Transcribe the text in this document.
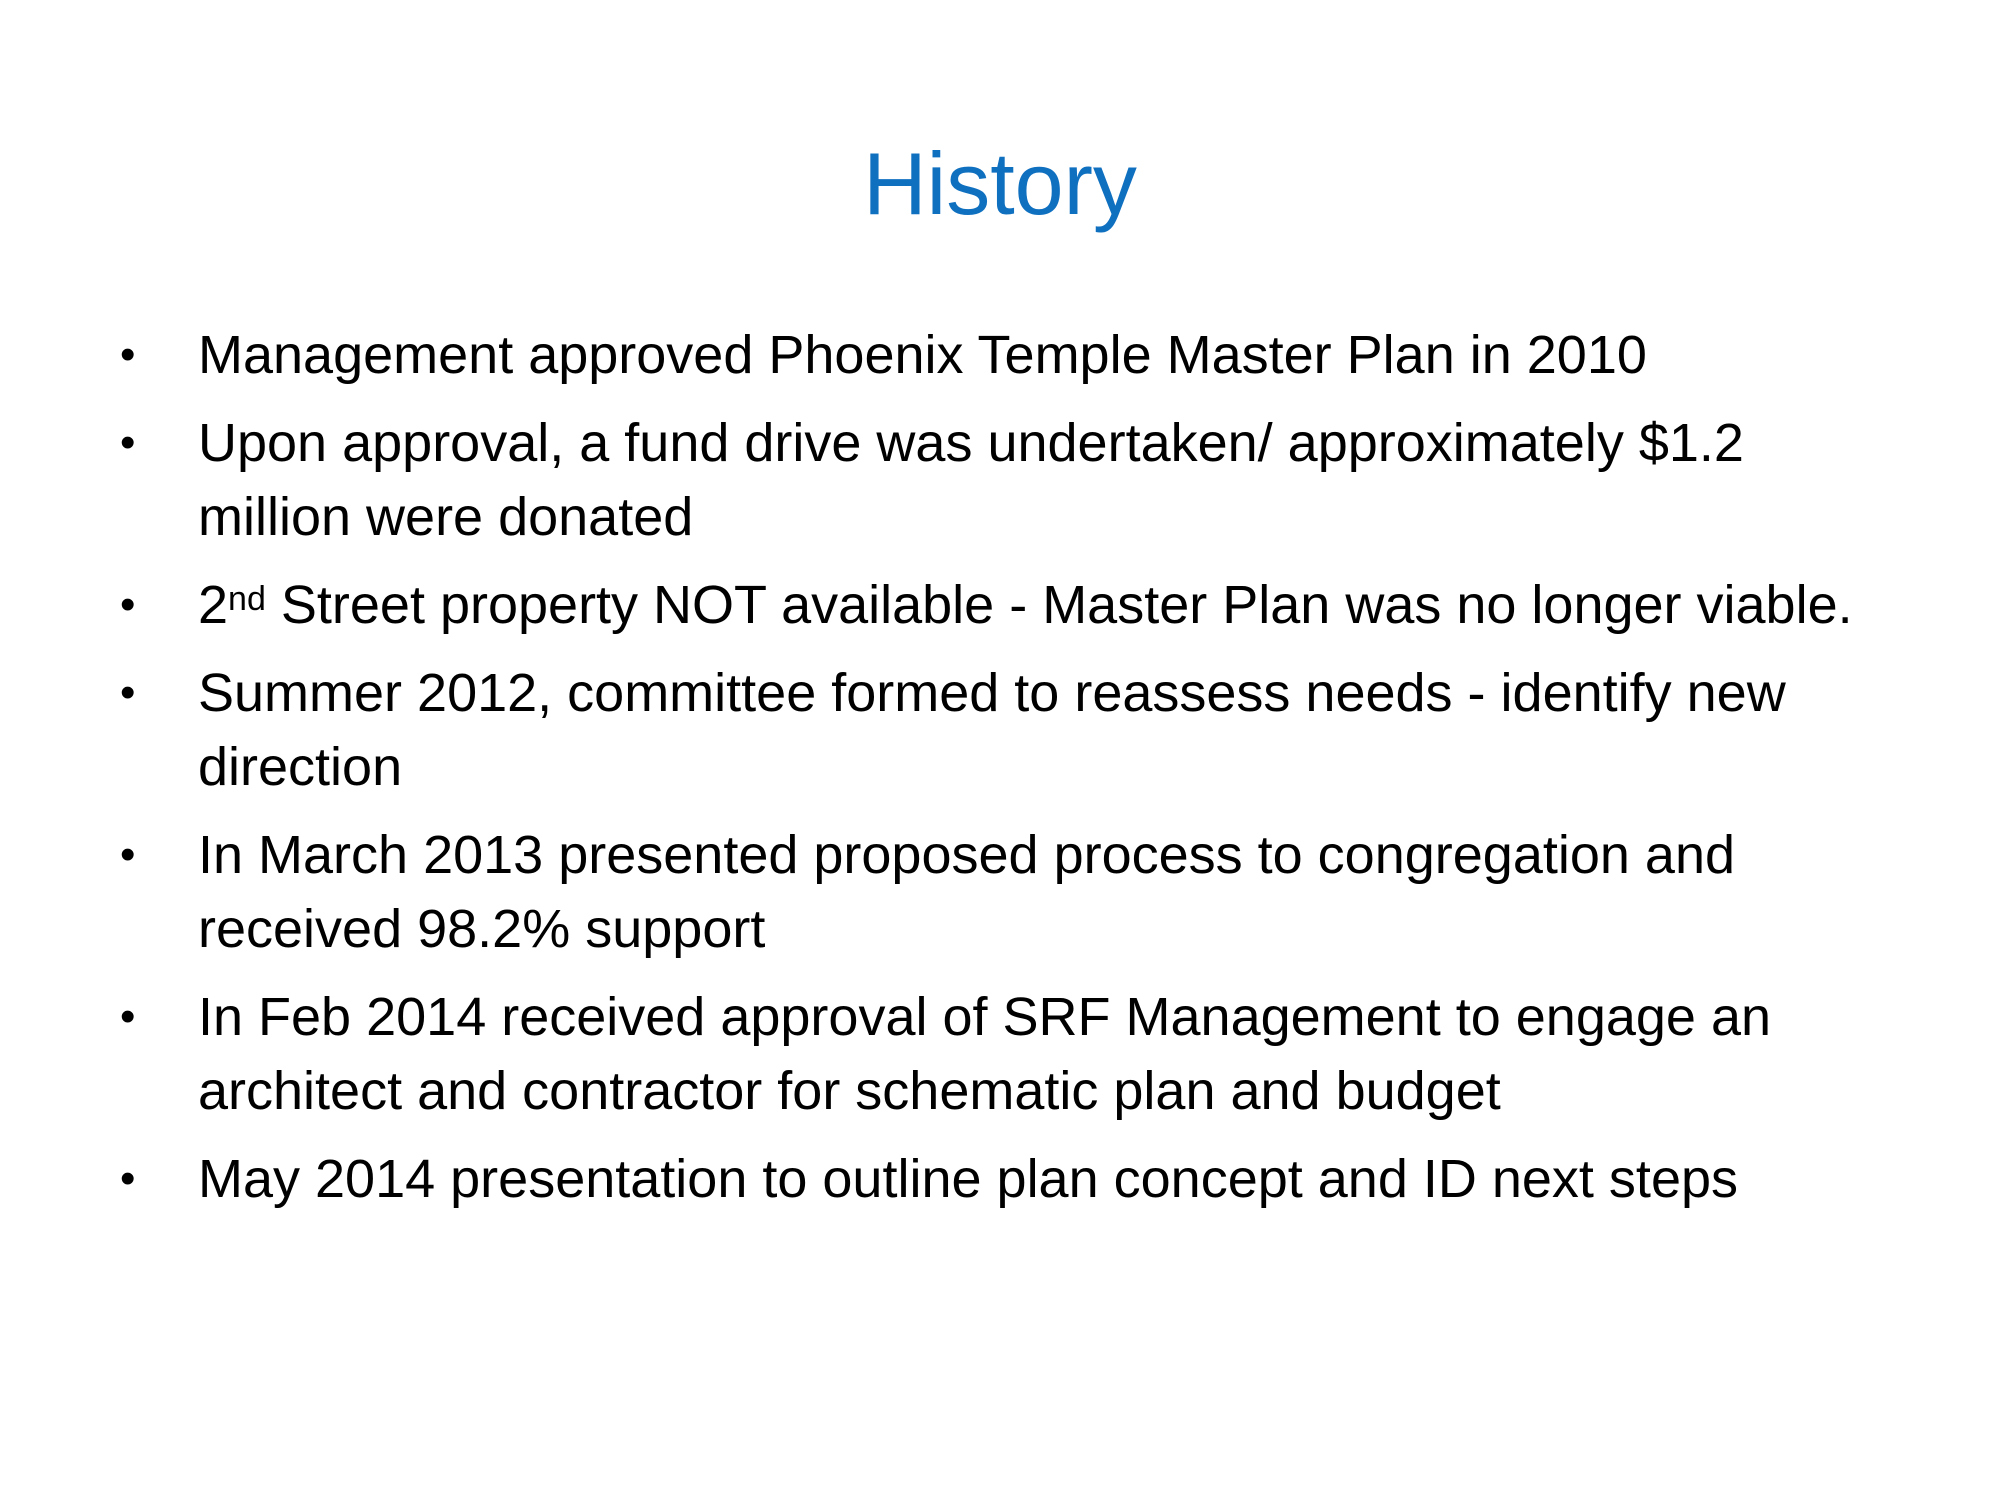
History
•	Management approved Phoenix Temple Master Plan in 2010
•	Upon approval, a fund drive was undertaken/ approximately $1.2 million were donated
•	2nd Street property NOT available - Master Plan was no longer viable.
•	Summer 2012, committee formed to reassess needs - identify new direction
•	In March 2013 presented proposed process to congregation and received 98.2% support
•	In Feb 2014 received approval of SRF Management to engage an architect and contractor for schematic plan and budget
•	May 2014 presentation to outline plan concept and ID next steps
